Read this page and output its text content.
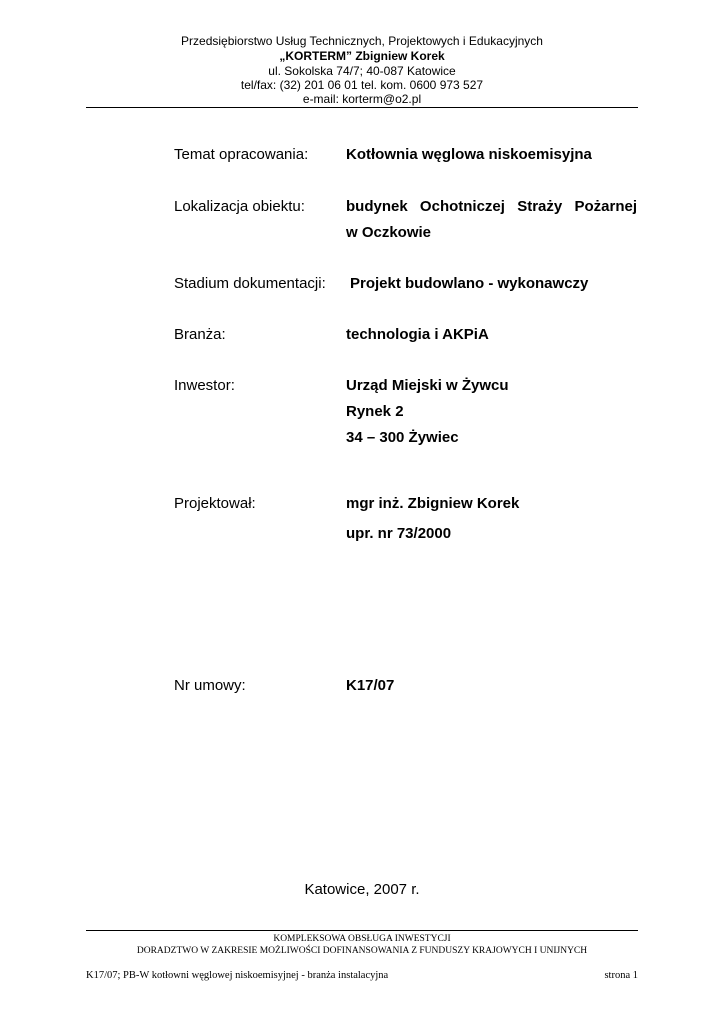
Przedsiębiorstwo Usług Technicznych, Projektowych i Edukacyjnych
„KORTERM” Zbigniew Korek
ul. Sokolska 74/7; 40-087 Katowice
tel/fax: (32) 201 06 01 tel. kom. 0600 973 527
e-mail: korterm@o2.pl
Temat opracowania:	Kotłownia węglowa niskoemisyjna
Lokalizacja obiektu:	budynek Ochotniczej Straży Pożarnej
w Oczkowie
Stadium dokumentacji: Projekt budowlano - wykonawczy
Branża:	technologia i AKPiA
Inwestor:	Urząd Miejski w Żywcu
Rynek 2
34 – 300 Żywiec
Projektował:	mgr inż. Zbigniew Korek
upr. nr 73/2000
Nr umowy:	K17/07
Katowice, 2007 r.
KOMPLEKSOWA OBSŁUGA INWESTYCJI
DORADZTWO W ZAKRESIE MOŻLIWOŚCI DOFINANSOWANIA Z FUNDUSZY KRAJOWYCH I UNIJNYCH
K17/07; PB-W kotłowni węglowej niskoemisyjnej - branża instalacyjna	strona 1
